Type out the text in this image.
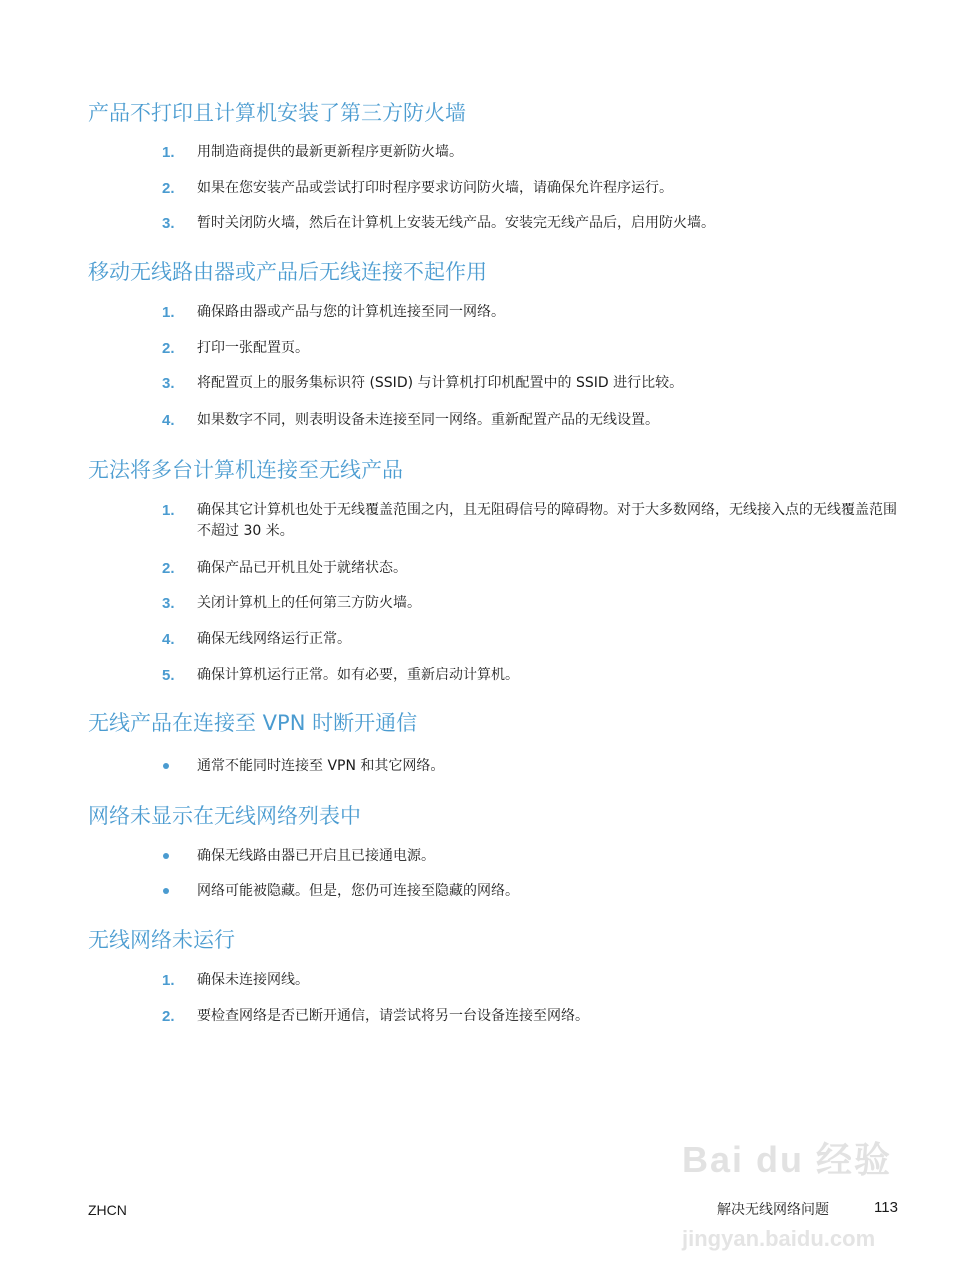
产品不打印且计算机安装了第三方防火墙
1. 用制造商提供的最新更新程序更新防火墙。
2. 如果在您安装产品或尝试打印时程序要求访问防火墙，请确保允许程序运行。
3. 暂时关闭防火墙，然后在计算机上安装无线产品。安装完无线产品后，启用防火墙。
移动无线路由器或产品后无线连接不起作用
1. 确保路由器或产品与您的计算机连接至同一网络。
2. 打印一张配置页。
3. 将配置页上的服务集标识符 (SSID) 与计算机打印机配置中的 SSID 进行比较。
4. 如果数字不同，则表明设备未连接至同一网络。重新配置产品的无线设置。
无法将多台计算机连接至无线产品
1. 确保其它计算机也处于无线覆盖范围之内，且无阻碍信号的障碍物。对于大多数网络，无线接入点的无线覆盖范围不超过 30 米。
2. 确保产品已开机且处于就绪状态。
3. 关闭计算机上的任何第三方防火墙。
4. 确保无线网络运行正常。
5. 确保计算机运行正常。如有必要，重新启动计算机。
无线产品在连接至 VPN 时断开通信
通常不能同时连接至 VPN 和其它网络。
网络未显示在无线网络列表中
确保无线路由器已开启且已接通电源。
网络可能被隐藏。但是，您仍可连接至隐藏的网络。
无线网络未运行
1. 确保未连接网线。
2. 要检查网络是否已断开通信，请尝试将另一台设备连接至网络。
Bai du 经验
jingyan.baidu.com
ZHCN	解决无线网络问题	113
